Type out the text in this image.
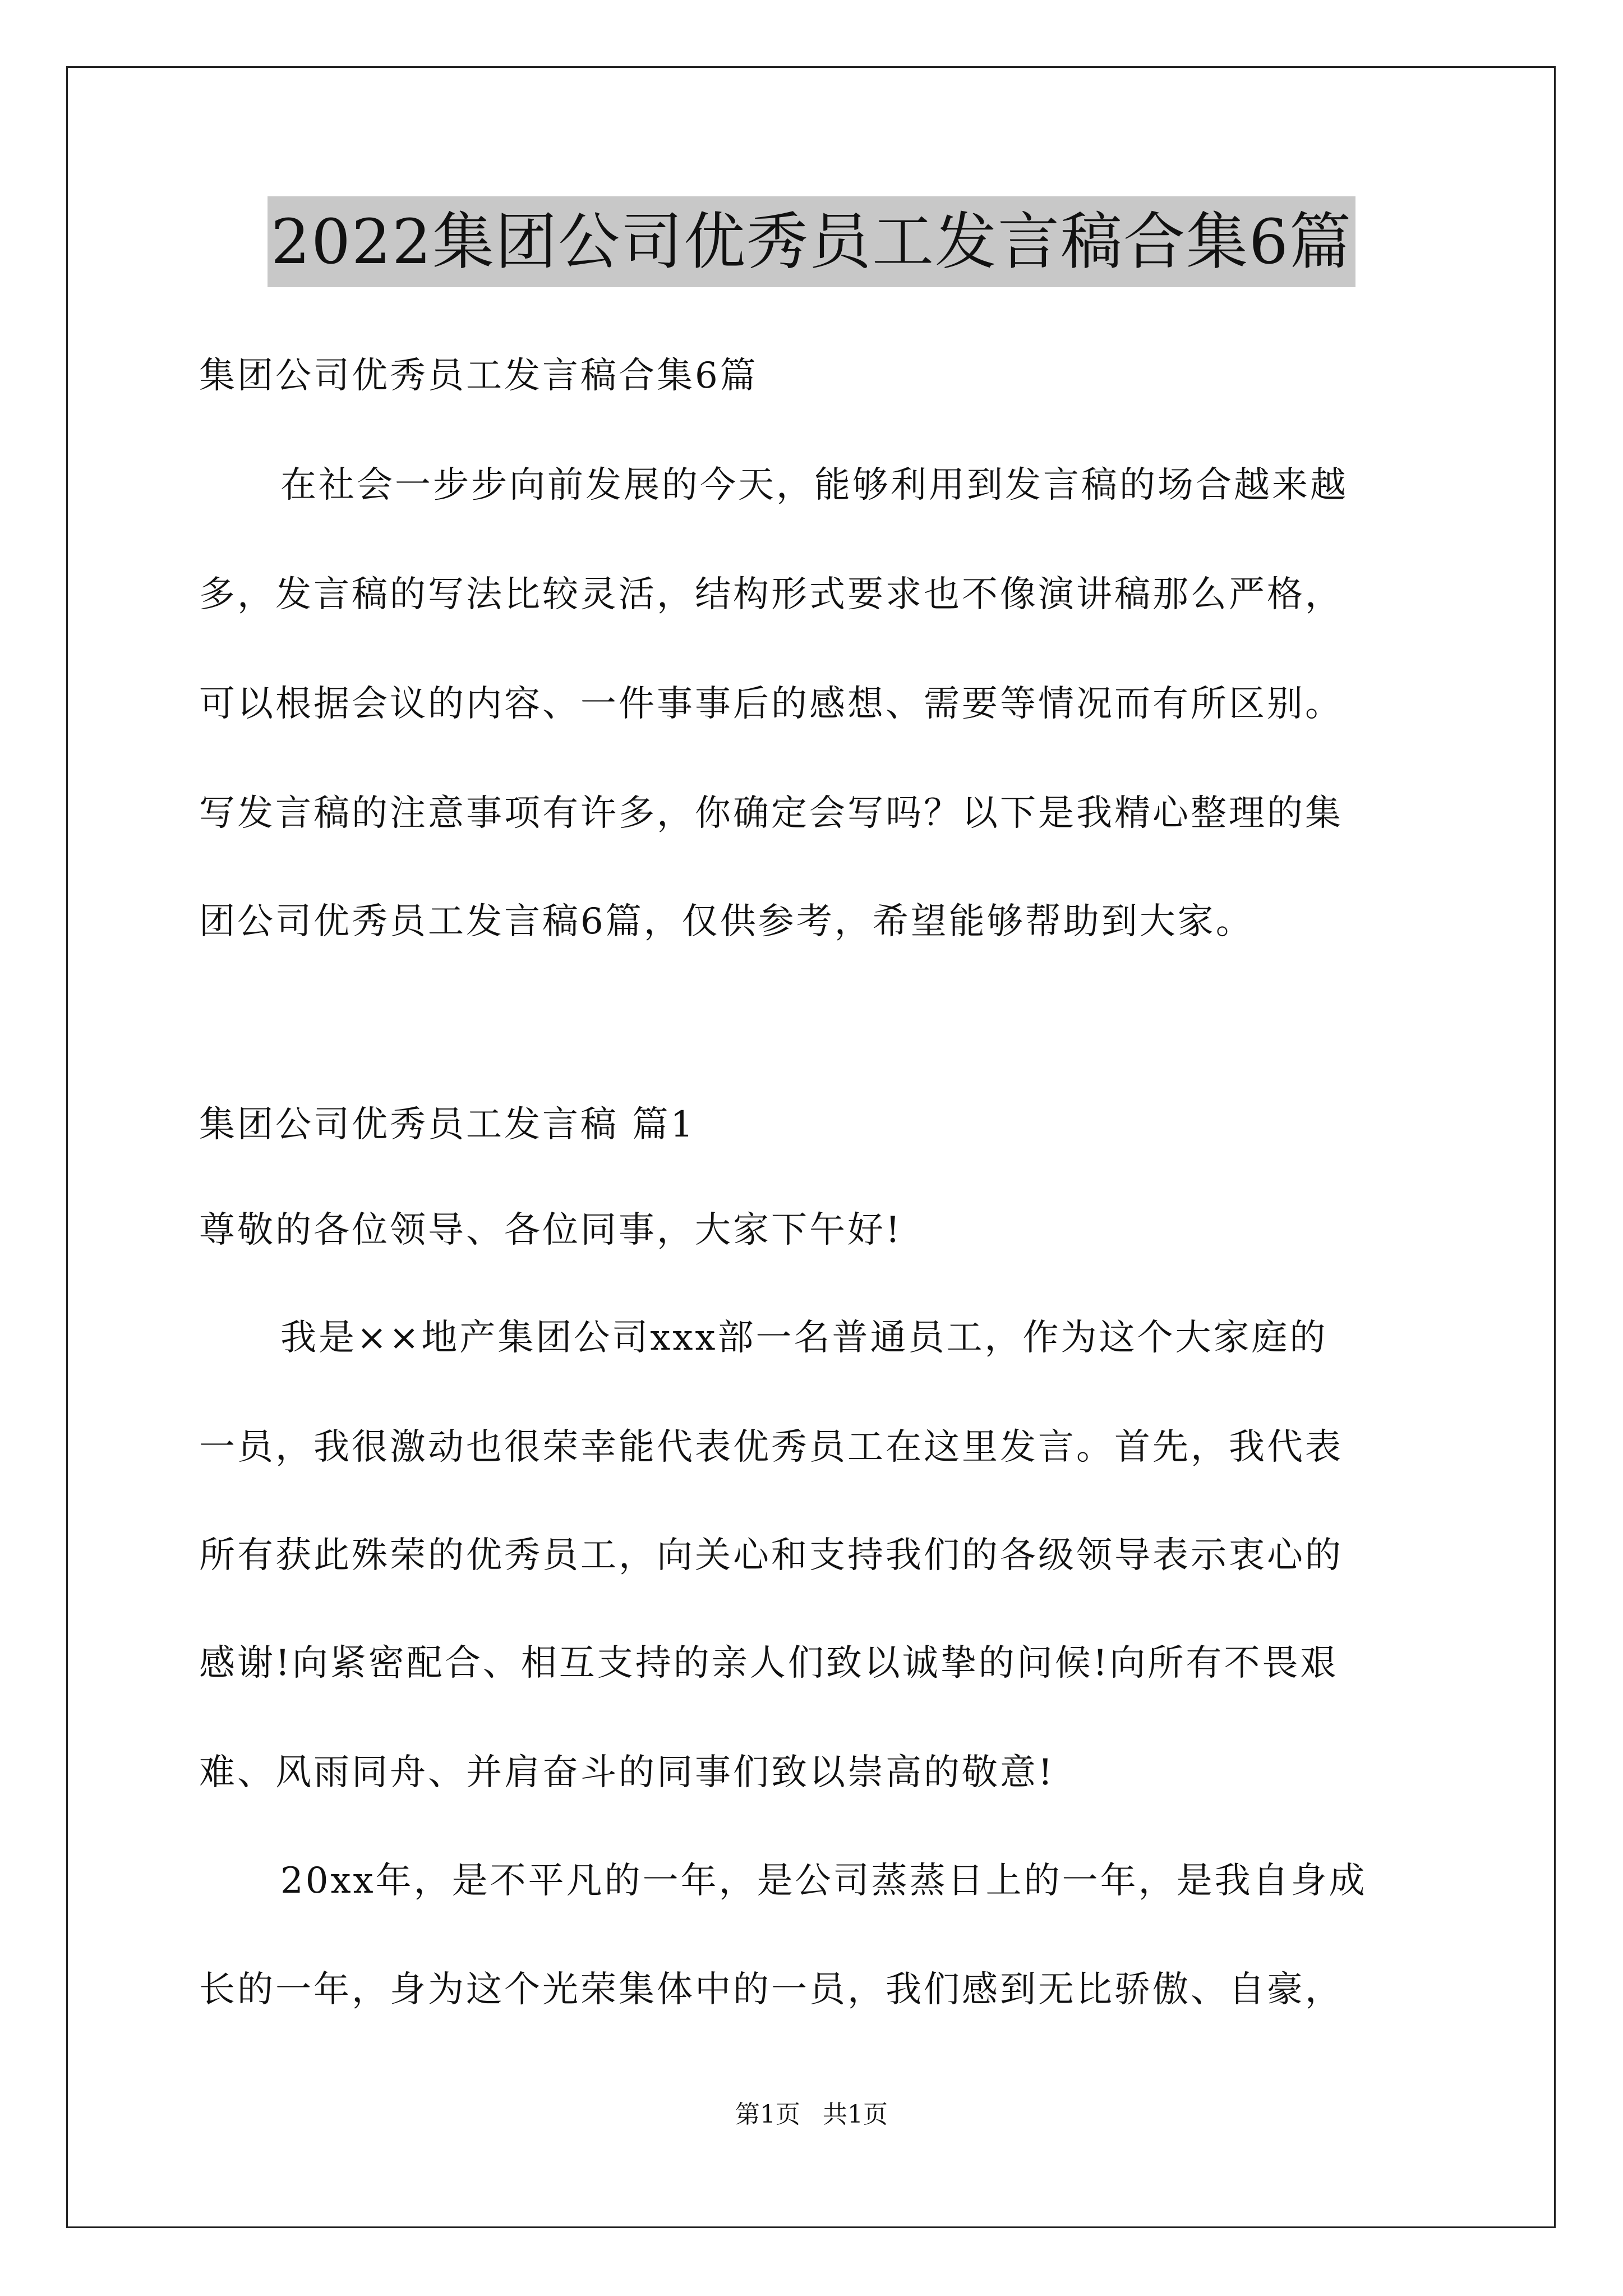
2022集团公司优秀员工发言稿合集6篇
集团公司优秀员工发言稿合集6篇
在社会一步步向前发展的今天，能够利用到发言稿的场合越来越
多，发言稿的写法比较灵活，结构形式要求也不像演讲稿那么严格，
可以根据会议的内容、一件事事后的感想、需要等情况而有所区别。
写发言稿的注意事项有许多，你确定会写吗？以下是我精心整理的集
团公司优秀员工发言稿6篇，仅供参考，希望能够帮助到大家。
集团公司优秀员工发言稿 篇1
尊敬的各位领导、各位同事，大家下午好!
我是××地产集团公司xxx部一名普通员工，作为这个大家庭的
一员，我很激动也很荣幸能代表优秀员工在这里发言。首先，我代表
所有获此殊荣的优秀员工，向关心和支持我们的各级领导表示衷心的
感谢!向紧密配合、相互支持的亲人们致以诚挚的问候!向所有不畏艰
难、风雨同舟、并肩奋斗的同事们致以崇高的敬意!
20xx年，是不平凡的一年，是公司蒸蒸日上的一年，是我自身成
长的一年，身为这个光荣集体中的一员，我们感到无比骄傲、自豪，
第1页 共1页
